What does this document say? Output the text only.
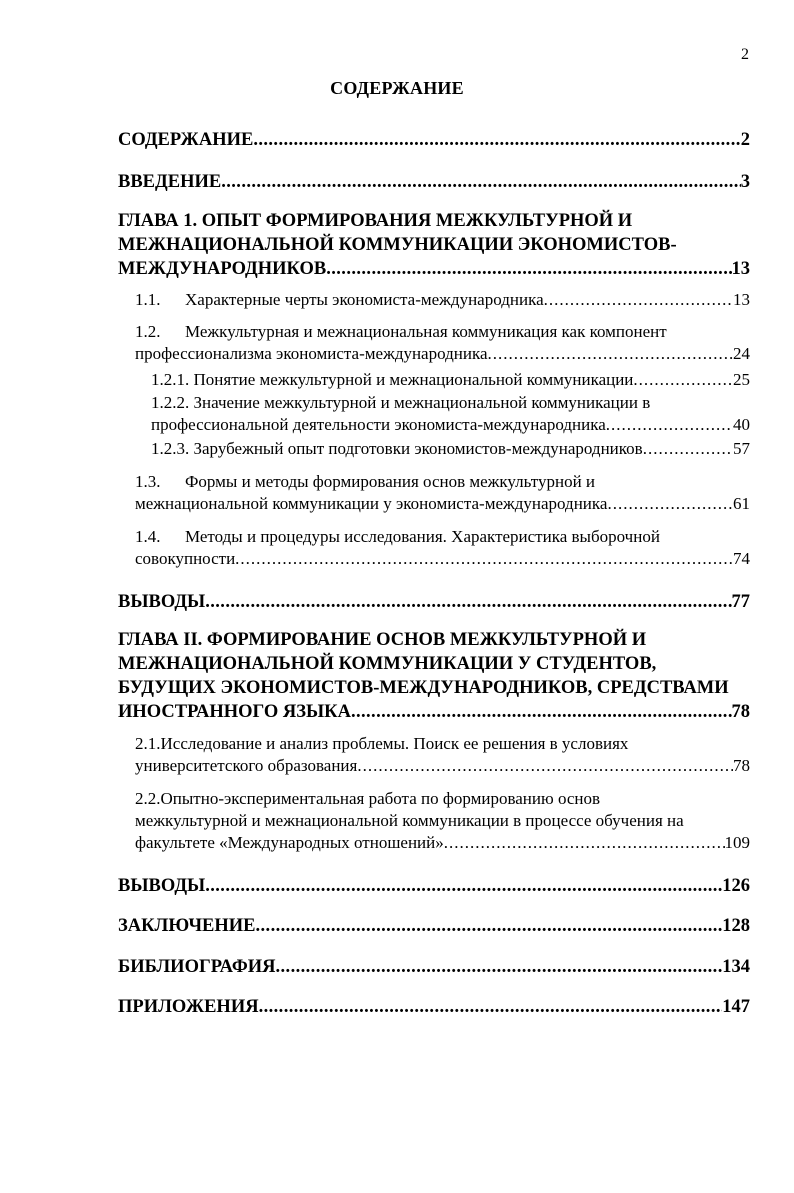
2
СОДЕРЖАНИЕ
СОДЕРЖАНИЕ .....	2
ВВЕДЕНИЕ .....	3
ГЛАВА 1. ОПЫТ ФОРМИРОВАНИЯ МЕЖКУЛЬТУРНОЙ И
МЕЖНАЦИОНАЛЬНОЙ КОММУНИКАЦИИ ЭКОНОМИСТОВ-
МЕЖДУНАРОДНИКОВ .....	13
1.1. Характерные черты экономиста-международника .....	13
1.2. Межкультурная и межнациональная коммуникация как компонент
профессионализма экономиста-международника .....	24
1.2.1. Понятие межкультурной и межнациональной коммуникации .....	25
1.2.2. Значение межкультурной и межнациональной коммуникации в
профессиональной деятельности экономиста-международника .....	40
1.2.3. Зарубежный опыт подготовки экономистов-международников .....	57
1.3. Формы и методы формирования основ межкультурной и
межнациональной коммуникации у экономиста-международника .....	61
1.4. Методы и процедуры исследования. Характеристика выборочной
совокупности .....	74
ВЫВОДЫ .....	77
ГЛАВА II. ФОРМИРОВАНИЕ ОСНОВ МЕЖКУЛЬТУРНОЙ И
МЕЖНАЦИОНАЛЬНОЙ КОММУНИКАЦИИ У СТУДЕНТОВ,
БУДУЩИХ ЭКОНОМИСТОВ-МЕЖДУНАРОДНИКОВ, СРЕДСТВАМИ
ИНОСТРАННОГО ЯЗЫКА .....	78
2.1.Исследование и анализ проблемы. Поиск ее решения в условиях
университетского образования .....	78
2.2.Опытно-экспериментальная работа по формированию основ
межкультурной и межнациональной коммуникации в процессе обучения на
факультете «Международных отношений» .....	109
ВЫВОДЫ .....	126
ЗАКЛЮЧЕНИЕ .....	128
БИБЛИОГРАФИЯ .....	134
ПРИЛОЖЕНИЯ .....	147
